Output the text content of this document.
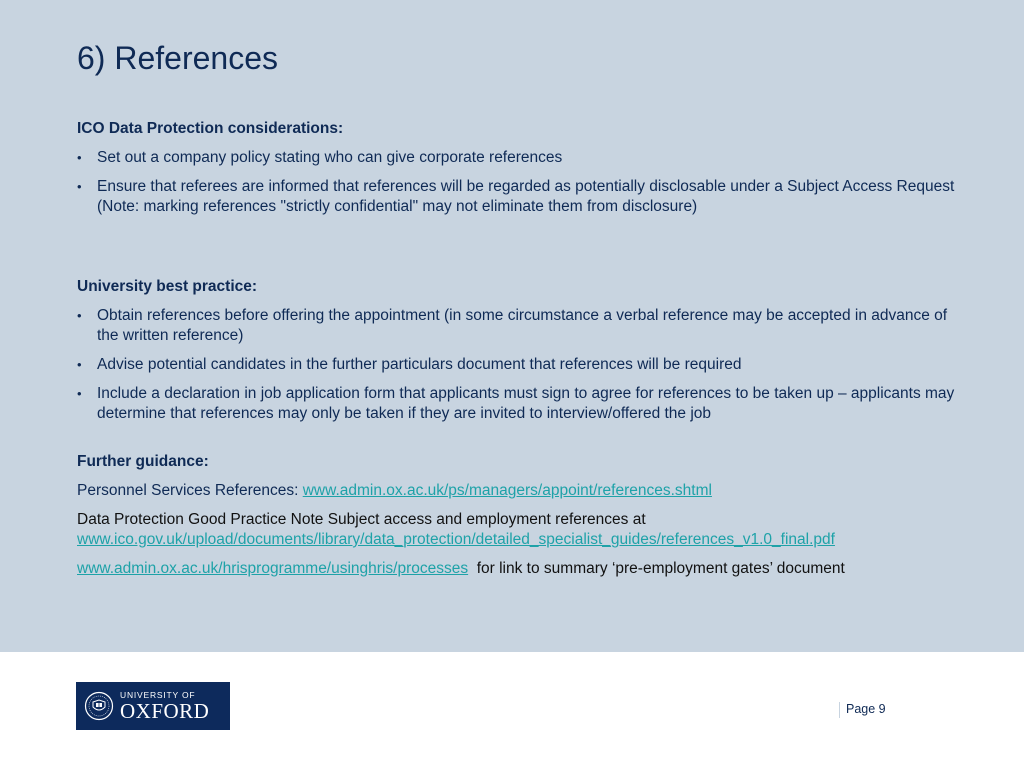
6) References
ICO Data Protection considerations:
• Set out a company policy stating who can give corporate references
• Ensure that referees are informed that references will be regarded as potentially disclosable under a Subject Access Request (Note: marking references "strictly confidential" may not eliminate them from disclosure)
University best practice:
• Obtain references before offering the appointment (in some circumstance a verbal reference may be accepted in advance of the written reference)
• Advise potential candidates in the further particulars document that references will be required
• Include a declaration in job application form that applicants must sign to agree for references to be taken up – applicants may determine that references may only be taken if they are invited to interview/offered the job
Further guidance:

Personnel Services References: www.admin.ox.ac.uk/ps/managers/appoint/references.shtml

Data Protection Good Practice Note Subject access and employment references at
www.ico.gov.uk/upload/documents/library/data_protection/detailed_specialist_guides/references_v1.0_final.pdf

www.admin.ox.ac.uk/hrisprogramme/usinghris/processes  for link to summary ‘pre-employment gates’ document

UNIVERSITY OF
OXFORD	Page 9
